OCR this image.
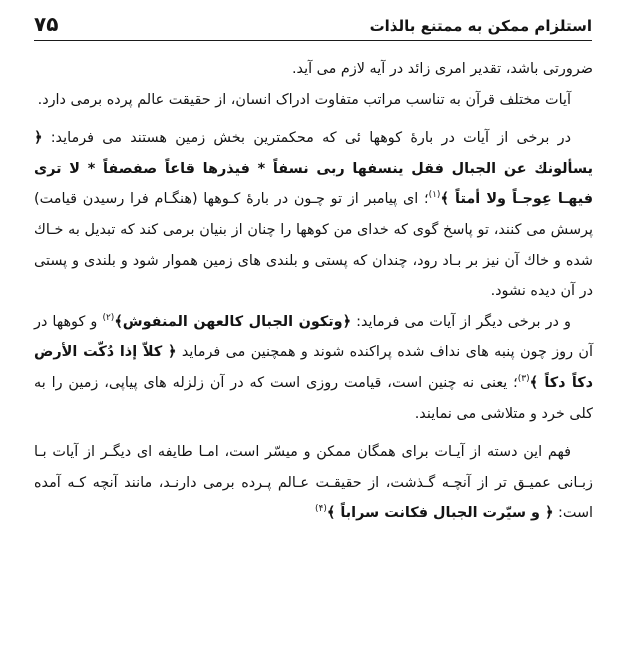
استلزام ممکن به ممتنع بالذات
۷۵

ضرورتی باشد، تقدیر امری زائد در آیه لازم می آید.

آیات مختلف قرآن به تناسب مراتب متفاوت ادراک انسان، از حقیقت عالم پرده برمی دارد.

در برخی از آیات در بارهٔ کوهها ئی که محکمترین بخش زمین هستند می فرماید: ﴿ یسألونك عن الجبال فقل ینسفها ربی نسفاً * فیذرها قاعاً صفصفاً * لا تری فیهـا عِوجـاً ولا أمتاً ﴾$^{(۱)}$؛ ای پیامبر از تو چـون در بارهٔ کـوهها (هنگـام فرا رسیدن قیامت) پرسش می کنند، تو پاسخ گوی که خدای من کوهها را چنان از بنیان برمی کند که تبدیل به خـاك شده و خاك آن نیز بر بـاد رود، چندان که پستی و بلندی های زمین هموار شود و بلندی و پستی در آن دیده نشود.

و در برخی دیگر از آیات می فرماید: ﴿وتکون الجبال کالعهن المنفوش﴾$^{(۲)}$ و کوهها در آن روز چون پنبه های نداف شده پراکنده شوند و همچنین می فرماید ﴿ کلاّ إذا دُکّت الأرض دکاً دکاً ﴾$^{(۳)}$؛ یعنی نه چنین است، قیامت روزی است که در آن زلزله های پیاپی، زمین را به کلی خرد و متلاشی می نمایند.

فهم این دسته از آیـات برای همگان ممکن و میسّر است، امـا طایفه ای دیگـر از آیات بـا زبـانی عمیـق تر از آنچـه گـذشت، از حقیقـت عـالم پـرده برمی دارنـد، مانند آنچه کـه آمده است: ﴿ و سیّرت الجبال فکانت سراباً ﴾$^{(۴)}$
